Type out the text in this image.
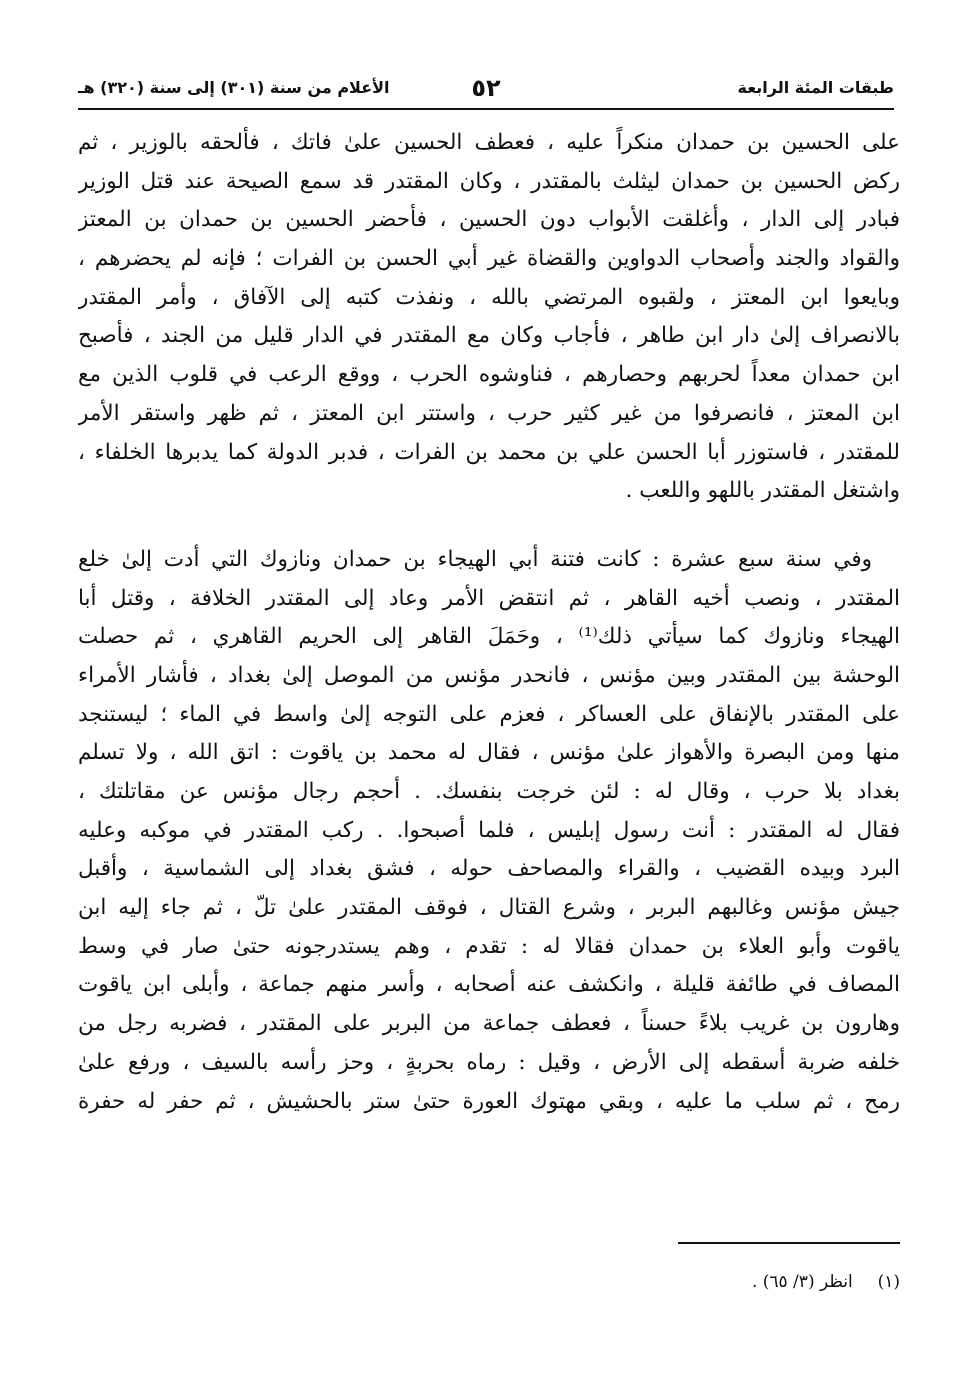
طبقات المئة الرابعة
٥٢
الأعلام من سنة (٣٠١) إلى سنة (٣٢٠) هـ

على الحسين بن حمدان منكراً عليه ، فعطف الحسين علىٰ فاتك ، فألحقه بالوزير ، ثم
ركض الحسين بن حمدان ليثلث بالمقتدر ، وكان المقتدر قد سمع الصيحة عند قتل الوزير
فبادر إلى الدار ، وأغلقت الأبواب دون الحسين ، فأحضر الحسين بن حمدان بن المعتز
والقواد والجند وأصحاب الدواوين والقضاة غير أبي الحسن بن الفرات ؛ فإنه لم يحضرهم ،
وبايعوا ابن المعتز ، ولقبوه المرتضي بالله ، ونفذت كتبه إلى الآفاق ، وأمر المقتدر
بالانصراف إلىٰ دار ابن طاهر ، فأجاب وكان مع المقتدر في الدار قليل من الجند ، فأصبح
ابن حمدان معداً لحربهم وحصارهم ، فناوشوه الحرب ، ووقع الرعب في قلوب الذين مع
ابن المعتز ، فانصرفوا من غير كثير حرب ، واستتر ابن المعتز ، ثم ظهر واستقر الأمر
للمقتدر ، فاستوزر أبا الحسن علي بن محمد بن الفرات ، فدبر الدولة كما يدبرها الخلفاء ،
واشتغل المقتدر باللهو واللعب .

وفي سنة سبع عشرة : كانت فتنة أبي الهيجاء بن حمدان ونازوك التي أدت إلىٰ خلع
المقتدر ، ونصب أخيه القاهر ، ثم انتقض الأمر وعاد إلى المقتدر الخلافة ، وقتل أبا
الهيجاء ونازوك كما سيأتي ذلك⁽¹⁾ ، وحَمَلَ القاهر إلى الحريم القاهري ، ثم حصلت
الوحشة بين المقتدر وبين مؤنس ، فانحدر مؤنس من الموصل إلىٰ بغداد ، فأشار الأمراء
على المقتدر بالإنفاق على العساكر ، فعزم على التوجه إلىٰ واسط في الماء ؛ ليستنجد
منها ومن البصرة والأهواز علىٰ مؤنس ، فقال له محمد بن ياقوت : اتق الله ، ولا تسلم
بغداد بلا حرب ، وقال له : لئن خرجت بنفسك. . أحجم رجال مؤنس عن مقاتلتك ،
فقال له المقتدر : أنت رسول إبليس ، فلما أصبحوا. . ركب المقتدر في موكبه وعليه
البرد وبيده القضيب ، والقراء والمصاحف حوله ، فشق بغداد إلى الشماسية ، وأقبل
جيش مؤنس وغالبهم البربر ، وشرع القتال ، فوقف المقتدر علىٰ تلّ ، ثم جاء إليه ابن
ياقوت وأبو العلاء بن حمدان فقالا له : تقدم ، وهم يستدرجونه حتىٰ صار في وسط
المصاف في طائفة قليلة ، وانكشف عنه أصحابه ، وأسر منهم جماعة ، وأبلى ابن ياقوت
وهارون بن غريب بلاءً حسناً ، فعطف جماعة من البربر على المقتدر ، فضربه رجل من
خلفه ضربة أسقطه إلى الأرض ، وقيل : رماه بحربةٍ ، وحز رأسه بالسيف ، ورفع علىٰ
رمح ، ثم سلب ما عليه ، وبقي مهتوك العورة حتىٰ ستر بالحشيش ، ثم حفر له حفرة

(١)  انظر (٣/ ٦٥) .
